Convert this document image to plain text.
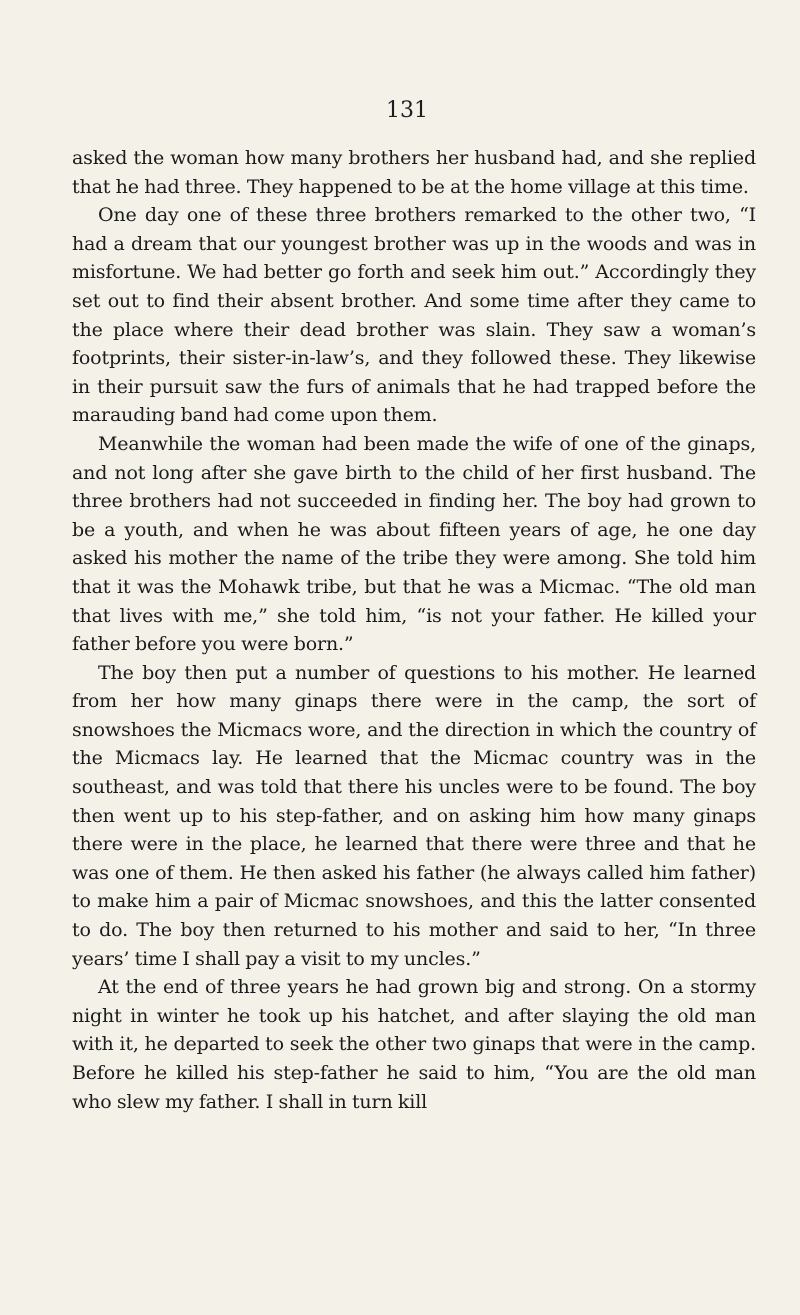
131

asked the woman how many brothers her husband had, and she replied that he had three. They happened to be at the home village at this time.

One day one of these three brothers remarked to the other two, “I had a dream that our youngest brother was up in the woods and was in misfortune. We had better go forth and seek him out.” Accordingly they set out to find their absent brother. And some time after they came to the place where their dead brother was slain. They saw a woman’s footprints, their sister-in-law’s, and they followed these. They likewise in their pursuit saw the furs of animals that he had trapped before the marauding band had come upon them.

Meanwhile the woman had been made the wife of one of the ginaps, and not long after she gave birth to the child of her first husband. The three brothers had not succeeded in finding her. The boy had grown to be a youth, and when he was about fifteen years of age, he one day asked his mother the name of the tribe they were among. She told him that it was the Mohawk tribe, but that he was a Micmac. “The old man that lives with me,” she told him, “is not your father. He killed your father before you were born.”

The boy then put a number of questions to his mother. He learned from her how many ginaps there were in the camp, the sort of snowshoes the Micmacs wore, and the direction in which the country of the Micmacs lay. He learned that the Micmac country was in the southeast, and was told that there his uncles were to be found. The boy then went up to his step-father, and on asking him how many ginaps there were in the place, he learned that there were three and that he was one of them. He then asked his father (he always called him father) to make him a pair of Micmac snowshoes, and this the latter consented to do. The boy then returned to his mother and said to her, “In three years’ time I shall pay a visit to my uncles.”

At the end of three years he had grown big and strong. On a stormy night in winter he took up his hatchet, and after slaying the old man with it, he departed to seek the other two ginaps that were in the camp. Before he killed his step-father he said to him, “You are the old man who slew my father. I shall in turn kill
